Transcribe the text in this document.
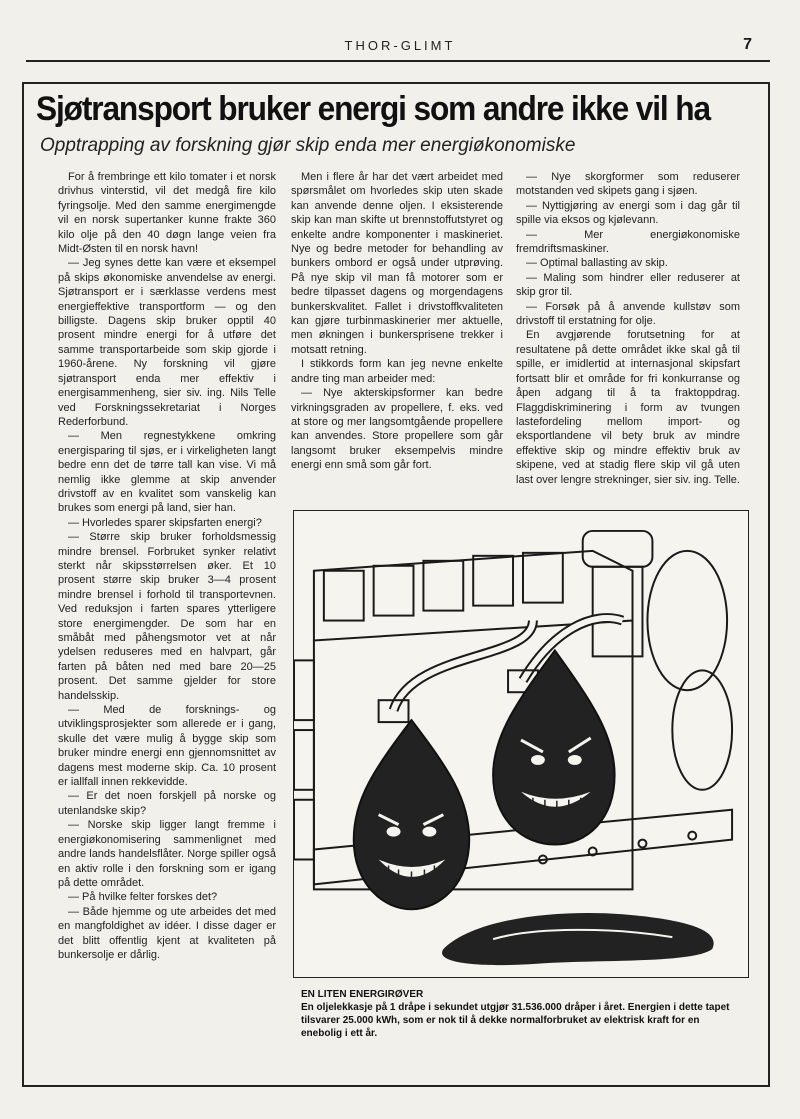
THOR-GLIMT	7
Sjøtransport bruker energi som andre ikke vil ha
Opptrapping av forskning gjør skip enda mer energiøkonomiske

For å frembringe ett kilo tomater i et norsk drivhus vinterstid, vil det medgå fire kilo fyringsolje. Med den samme energimengde vil en norsk supertanker kunne frakte 360 kilo olje på den 40 døgn lange veien fra Midt-Østen til en norsk havn!

— Jeg synes dette kan være et eksempel på skips økonomiske anvendelse av energi. Sjøtransport er i særklasse verdens mest energieffektive transportform — og den billigste. Dagens skip bruker opptil 40 prosent mindre energi for å utføre det samme transportarbeide som skip gjorde i 1960-årene. Ny forskning vil gjøre sjøtransport enda mer effektiv i energisammenheng, sier siv. ing. Nils Telle ved Forskningssekretariat i Norges Rederforbund.

— Men regnestykkene omkring energisparing til sjøs, er i virkeligheten langt bedre enn det de tørre tall kan vise. Vi må nemlig ikke glemme at skip anvender drivstoff av en kvalitet som vanskelig kan brukes som energi på land, sier han.

— Hvorledes sparer skipsfarten energi?

— Større skip bruker forholdsmessig mindre brensel. Forbruket synker relativt sterkt når skipsstørrelsen øker. Et 10 prosent større skip bruker 3—4 prosent mindre brensel i forhold til transportevnen. Ved reduksjon i farten spares ytterligere store energimengder. De som har en småbåt med påhengsmotor vet at når ydelsen reduseres med en halvpart, går farten på båten ned med bare 20—25 prosent. Det samme gjelder for store handelsskip.

— Med de forsknings- og utviklingsprosjekter som allerede er i gang, skulle det være mulig å bygge skip som bruker mindre energi enn gjennomsnittet av dagens mest moderne skip. Ca. 10 prosent er iallfall innen rekkevidde.

— Er det noen forskjell på norske og utenlandske skip?

— Norske skip ligger langt fremme i energiøkonomisering sammenlignet med andre lands handelsflåter. Norge spiller også en aktiv rolle i den forskning som er igang på dette området.

— På hvilke felter forskes det?

— Både hjemme og ute arbeides det med en mangfoldighet av idéer. I disse dager er det blitt offentlig kjent at kvaliteten på bunkersolje er dårlig.

Men i flere år har det vært arbeidet med spørsmålet om hvorledes skip uten skade kan anvende denne oljen. I eksisterende skip kan man skifte ut brennstoffutstyret og enkelte andre komponenter i maskineriet. Nye og bedre metoder for behandling av bunkers ombord er også under utprøving. På nye skip vil man få motorer som er bedre tilpasset dagens og morgendagens bunkerskvalitet. Fallet i drivstoffkvaliteten kan gjøre turbinmaskinerier mer aktuelle, men økningen i bunkersprisene trekker i motsatt retning.

I stikkords form kan jeg nevne enkelte andre ting man arbeider med:

— Nye akterskipsformer kan bedre virkningsgraden av propellere, f. eks. ved at store og mer langsomtgående propellere kan anvendes. Store propellere som går langsomt bruker eksempelvis mindre energi enn små som går fort.

— Nye skorgformer som reduserer motstanden ved skipets gang i sjøen.

— Nyttigjøring av energi som i dag går til spille via eksos og kjølevann.

— Mer energiøkonomiske fremdriftsmaskiner.

— Optimal ballasting av skip.

— Maling som hindrer eller reduserer at skip gror til.

— Forsøk på å anvende kullstøv som drivstoff til erstatning for olje.

En avgjørende forutsetning for at resultatene på dette området ikke skal gå til spille, er imidlertid at internasjonal skipsfart fortsatt blir et område for fri konkurranse og åpen adgang til å ta fraktoppdrag. Flaggdiskriminering i form av tvungen lastefordeling mellom import- og eksportlandene vil bety bruk av mindre effektive skip og mindre effektiv bruk av skipene, ved at stadig flere skip vil gå uten last over lengre strekninger, sier siv. ing. Telle.

EN LITEN ENERGIRØVER
En oljelekkasje på 1 dråpe i sekundet utgjør 31.536.000 dråper i året. Energien i dette tapet tilsvarer 25.000 kWh, som er nok til å dekke normalforbruket av elektrisk kraft for en enebolig i ett år.
